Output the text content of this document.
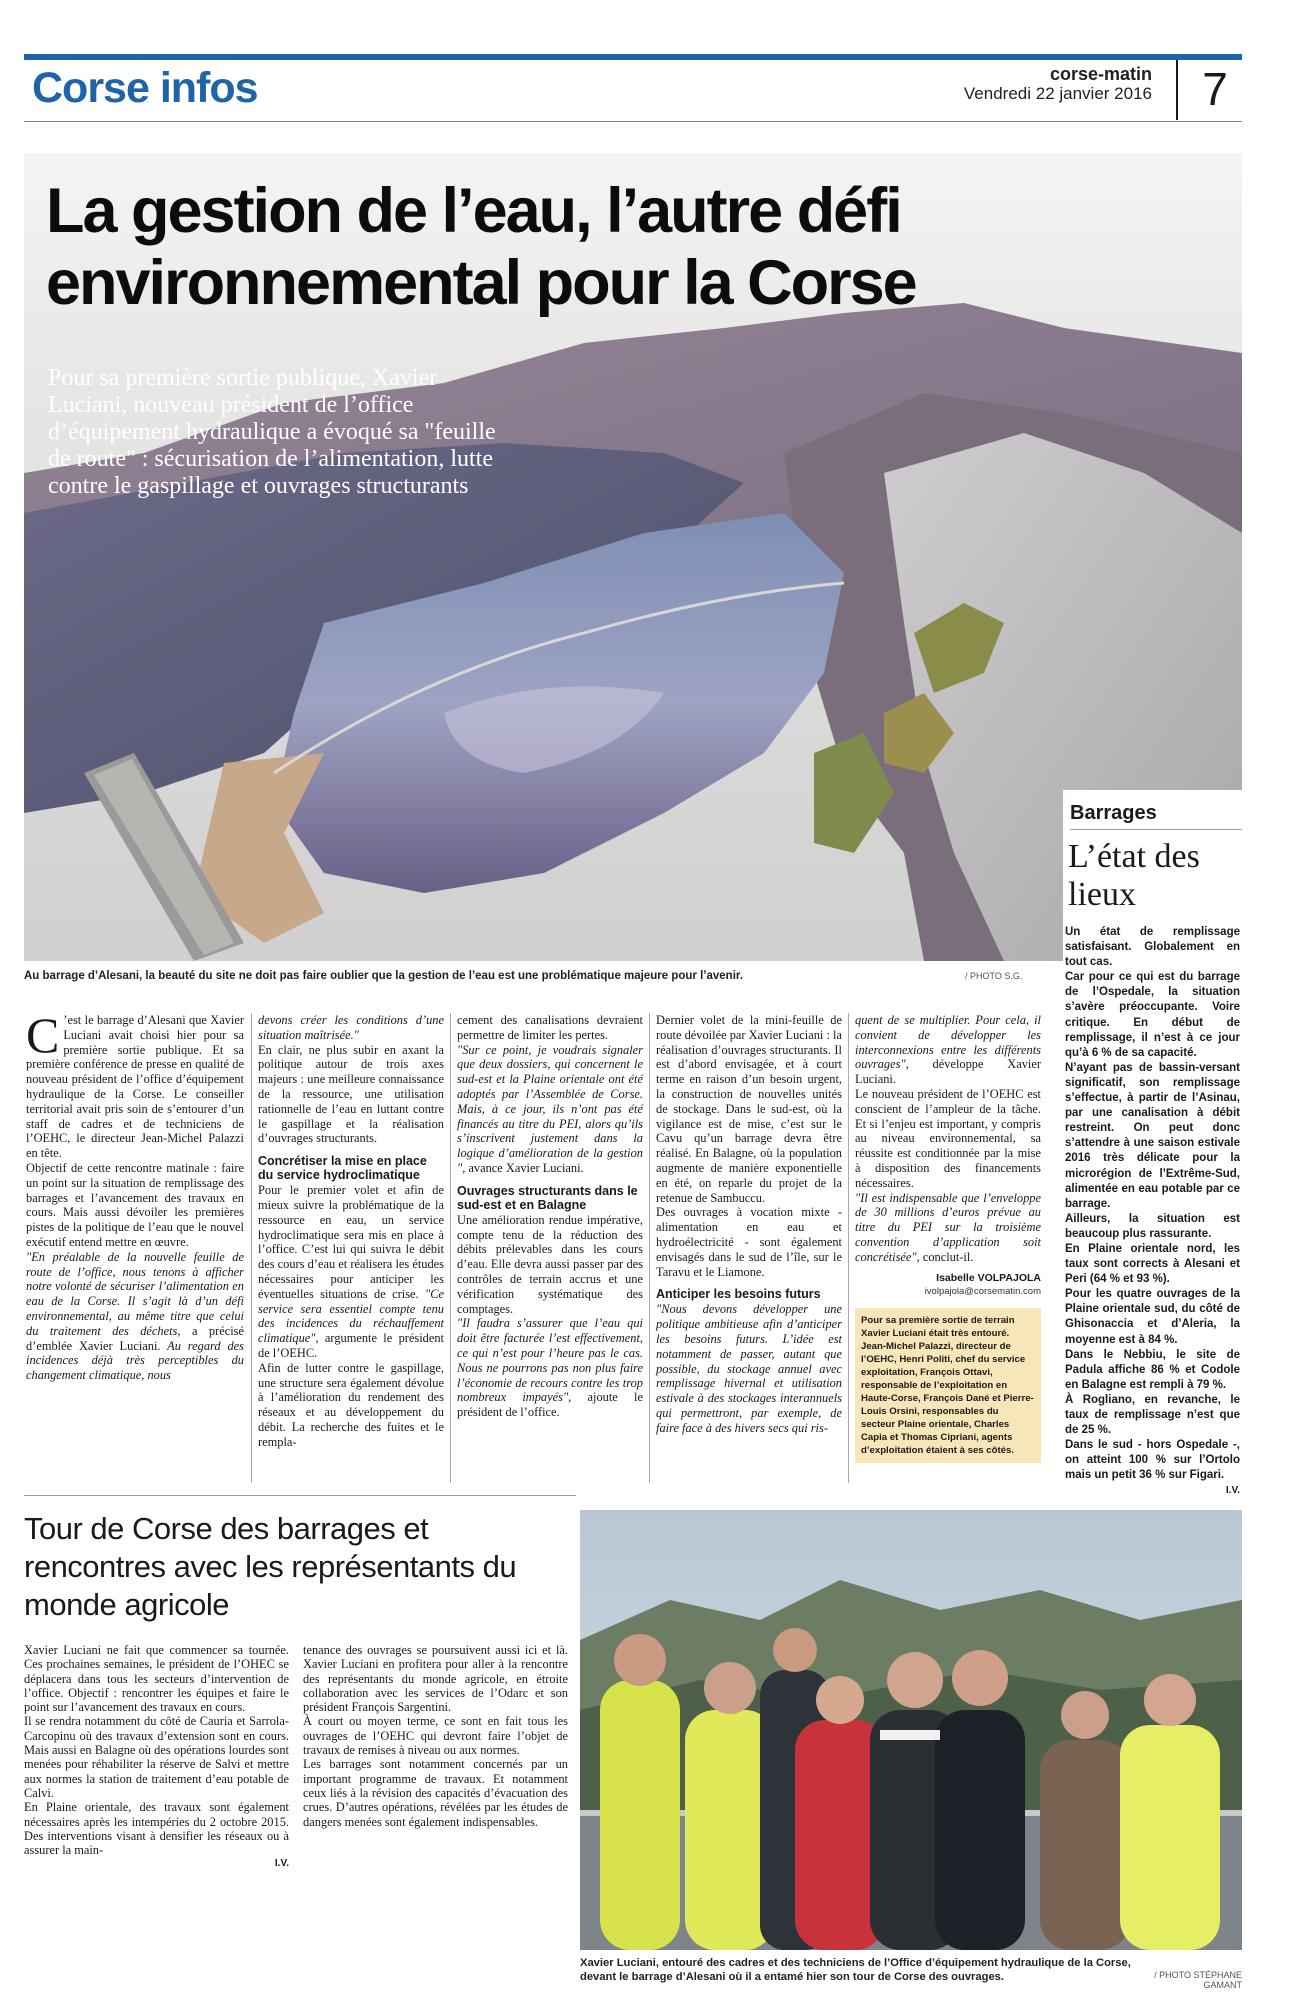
Corse infos	corse-matin
Vendredi 22 janvier 2016	7
La gestion de l’eau, l’autre défi environnemental pour la Corse
Pour sa première sortie publique, Xavier Luciani, nouveau président de l’office d’équipement hydraulique a évoqué sa "feuille de route" : sécurisation de l’alimentation, lutte contre le gaspillage et ouvrages structurants
Au barrage d’Alesani, la beauté du site ne doit pas faire oublier que la gestion de l’eau est une problématique majeure pour l’avenir.	/ PHOTO S.G.
Barrages
L’état des lieux

Un état de remplissage satisfaisant. Globalement en tout cas.

Car pour ce qui est du barrage de l’Ospedale, la situation s’avère préoccupante. Voire critique. En début de remplissage, il n’est à ce jour qu’à 6 % de sa capacité.

N’ayant pas de bassin-versant significatif, son remplissage s’effectue, à partir de l’Asinau, par une canalisation à débit restreint. On peut donc s’attendre à une saison estivale 2016 très délicate pour la microrégion de l’Extrême-Sud, alimentée en eau potable par ce barrage.

Ailleurs, la situation est beaucoup plus rassurante.

En Plaine orientale nord, les taux sont corrects à Alesani et Peri (64 % et 93 %).

Pour les quatre ouvrages de la Plaine orientale sud, du côté de Ghisonaccia et d’Aleria, la moyenne est à 84 %.

Dans le Nebbiu, le site de Padula affiche 86 % et Codole en Balagne est rempli à 79 %.

À Rogliano, en revanche, le taux de remplissage n’est que de 25 %.

Dans le sud - hors Ospedale -, on atteint 100 % sur l’Ortolo mais un petit 36 % sur Figari.

I.V.

C ’est le barrage d’Alesani que Xavier Luciani avait choisi hier pour sa première sortie publique. Et sa première conférence de presse en qualité de nouveau président de l’office d’équipement hydraulique de la Corse. Le conseiller territorial avait pris soin de s’entourer d’un staff de cadres et de techniciens de l’OEHC, le directeur Jean-Michel Palazzi en tête.

Objectif de cette rencontre matinale : faire un point sur la situation de remplissage des barrages et l’avancement des travaux en cours. Mais aussi dévoiler les premières pistes de la politique de l’eau que le nouvel exécutif entend mettre en œuvre.

"En préalable de la nouvelle feuille de route de l’office, nous tenons à afficher notre volonté de sécuriser l’alimentation en eau de la Corse. Il s’agit là d’un défi environnemental, au même titre que celui du traitement des déchets, a précisé d’emblée Xavier Luciani. Au regard des incidences déjà très perceptibles du changement climatique, nous

devons créer les conditions d’une situation maîtrisée."

En clair, ne plus subir en axant la politique autour de trois axes majeurs : une meilleure connaissance de la ressource, une utilisation rationnelle de l’eau en luttant contre le gaspillage et la réalisation d’ouvrages structurants.

Concrétiser la mise en place du service hydroclimatique

Pour le premier volet et afin de mieux suivre la problématique de la ressource en eau, un service hydroclimatique sera mis en place à l’office. C’est lui qui suivra le débit des cours d’eau et réalisera les études nécessaires pour anticiper les éventuelles situations de crise. "Ce service sera essentiel compte tenu des incidences du réchauffement climatique", argumente le président de l’OEHC.

Afin de lutter contre le gaspillage, une structure sera également dévolue à l’amélioration du rendement des réseaux et au développement du débit. La recherche des fuites et le rempla-

cement des canalisations devraient permettre de limiter les pertes.

"Sur ce point, je voudrais signaler que deux dossiers, qui concernent le sud-est et la Plaine orientale ont été adoptés par l’Assemblée de Corse. Mais, à ce jour, ils n’ont pas été financés au titre du PEI, alors qu’ils s’inscrivent justement dans la logique d’amélioration de la gestion ", avance Xavier Luciani.

Ouvrages structurants dans le sud-est et en Balagne

Une amélioration rendue impérative, compte tenu de la réduction des débits prélevables dans les cours d’eau. Elle devra aussi passer par des contrôles de terrain accrus et une vérification systématique des comptages.

"Il faudra s’assurer que l’eau qui doit être facturée l’est effectivement, ce qui n’est pour l’heure pas le cas. Nous ne pourrons pas non plus faire l’économie de recours contre les trop nombreux impayés", ajoute le président de l’office.

Dernier volet de la mini-feuille de route dévoilée par Xavier Luciani : la réalisation d’ouvrages structurants. Il est d’abord envisagée, et à court terme en raison d’un besoin urgent, la construction de nouvelles unités de stockage. Dans le sud-est, où la vigilance est de mise, c’est sur le Cavu qu’un barrage devra être réalisé. En Balagne, où la population augmente de manière exponentielle en été, on reparle du projet de la retenue de Sambuccu.

Des ouvrages à vocation mixte - alimentation en eau et hydroélectricité - sont également envisagés dans le sud de l’île, sur le Taravu et le Liamone.

Anticiper les besoins futurs

"Nous devons développer une politique ambitieuse afin d’anticiper les besoins futurs. L’idée est notamment de passer, autant que possible, du stockage annuel avec remplissage hivernal et utilisation estivale à des stockages interannuels qui permettront, par exemple, de faire face à des hivers secs qui ris-

quent de se multiplier. Pour cela, il convient de développer les interconnexions entre les différents ouvrages", développe Xavier Luciani.

Le nouveau président de l’OEHC est conscient de l’ampleur de la tâche. Et si l’enjeu est important, y compris au niveau environnemental, sa réussite est conditionnée par la mise à disposition des financements nécessaires.

"Il est indispensable que l’enveloppe de 30 millions d’euros prévue au titre du PEI sur la troisième convention d’application soit concrétisée", conclut-il.

Isabelle VOLPAJOLA
ivolpajola@corsematin.com
Pour sa première sortie de terrain Xavier Luciani était très entouré. Jean-Michel Palazzi, directeur de l’OEHC, Henri Politi, chef du service exploitation, François Ottavi, responsable de l’exploitation en Haute-Corse, François Dané et Pierre-Louis Orsini, responsables du secteur Plaine orientale, Charles Capia et Thomas Cipriani, agents d’exploitation étaient à ses côtés.
Tour de Corse des barrages et rencontres avec les représentants du monde agricole

Xavier Luciani ne fait que commencer sa tournée. Ces prochaines semaines, le président de l’OHEC se déplacera dans tous les secteurs d’intervention de l’office. Objectif : rencontrer les équipes et faire le point sur l’avancement des travaux en cours.

Il se rendra notamment du côté de Cauria et Sarrola-Carcopinu où des travaux d’extension sont en cours. Mais aussi en Balagne où des opérations lourdes sont menées pour réhabiliter la réserve de Salvi et mettre aux normes la station de traitement d’eau potable de Calvi.

En Plaine orientale, des travaux sont également nécessaires après les intempéries du 2 octobre 2015. Des interventions visant à densifier les réseaux ou à assurer la main-

I.V.

tenance des ouvrages se poursuivent aussi ici et là. Xavier Luciani en profitera pour aller à la rencontre des représentants du monde agricole, en étroite collaboration avec les services de l’Odarc et son président François Sargentini.

À court ou moyen terme, ce sont en fait tous les ouvrages de l’OEHC qui devront faire l’objet de travaux de remises à niveau ou aux normes.

Les barrages sont notamment concernés par un important programme de travaux. Et notamment ceux liés à la révision des capacités d’évacuation des crues. D’autres opérations, révélées par les études de dangers menées sont également indispensables.

Xavier Luciani, entouré des cadres et des techniciens de l’Office d’équipement hydraulique de la Corse, devant le barrage d’Alesani où il a entamé hier son tour de Corse des ouvrages.	/ PHOTO STÉPHANE GAMANT
